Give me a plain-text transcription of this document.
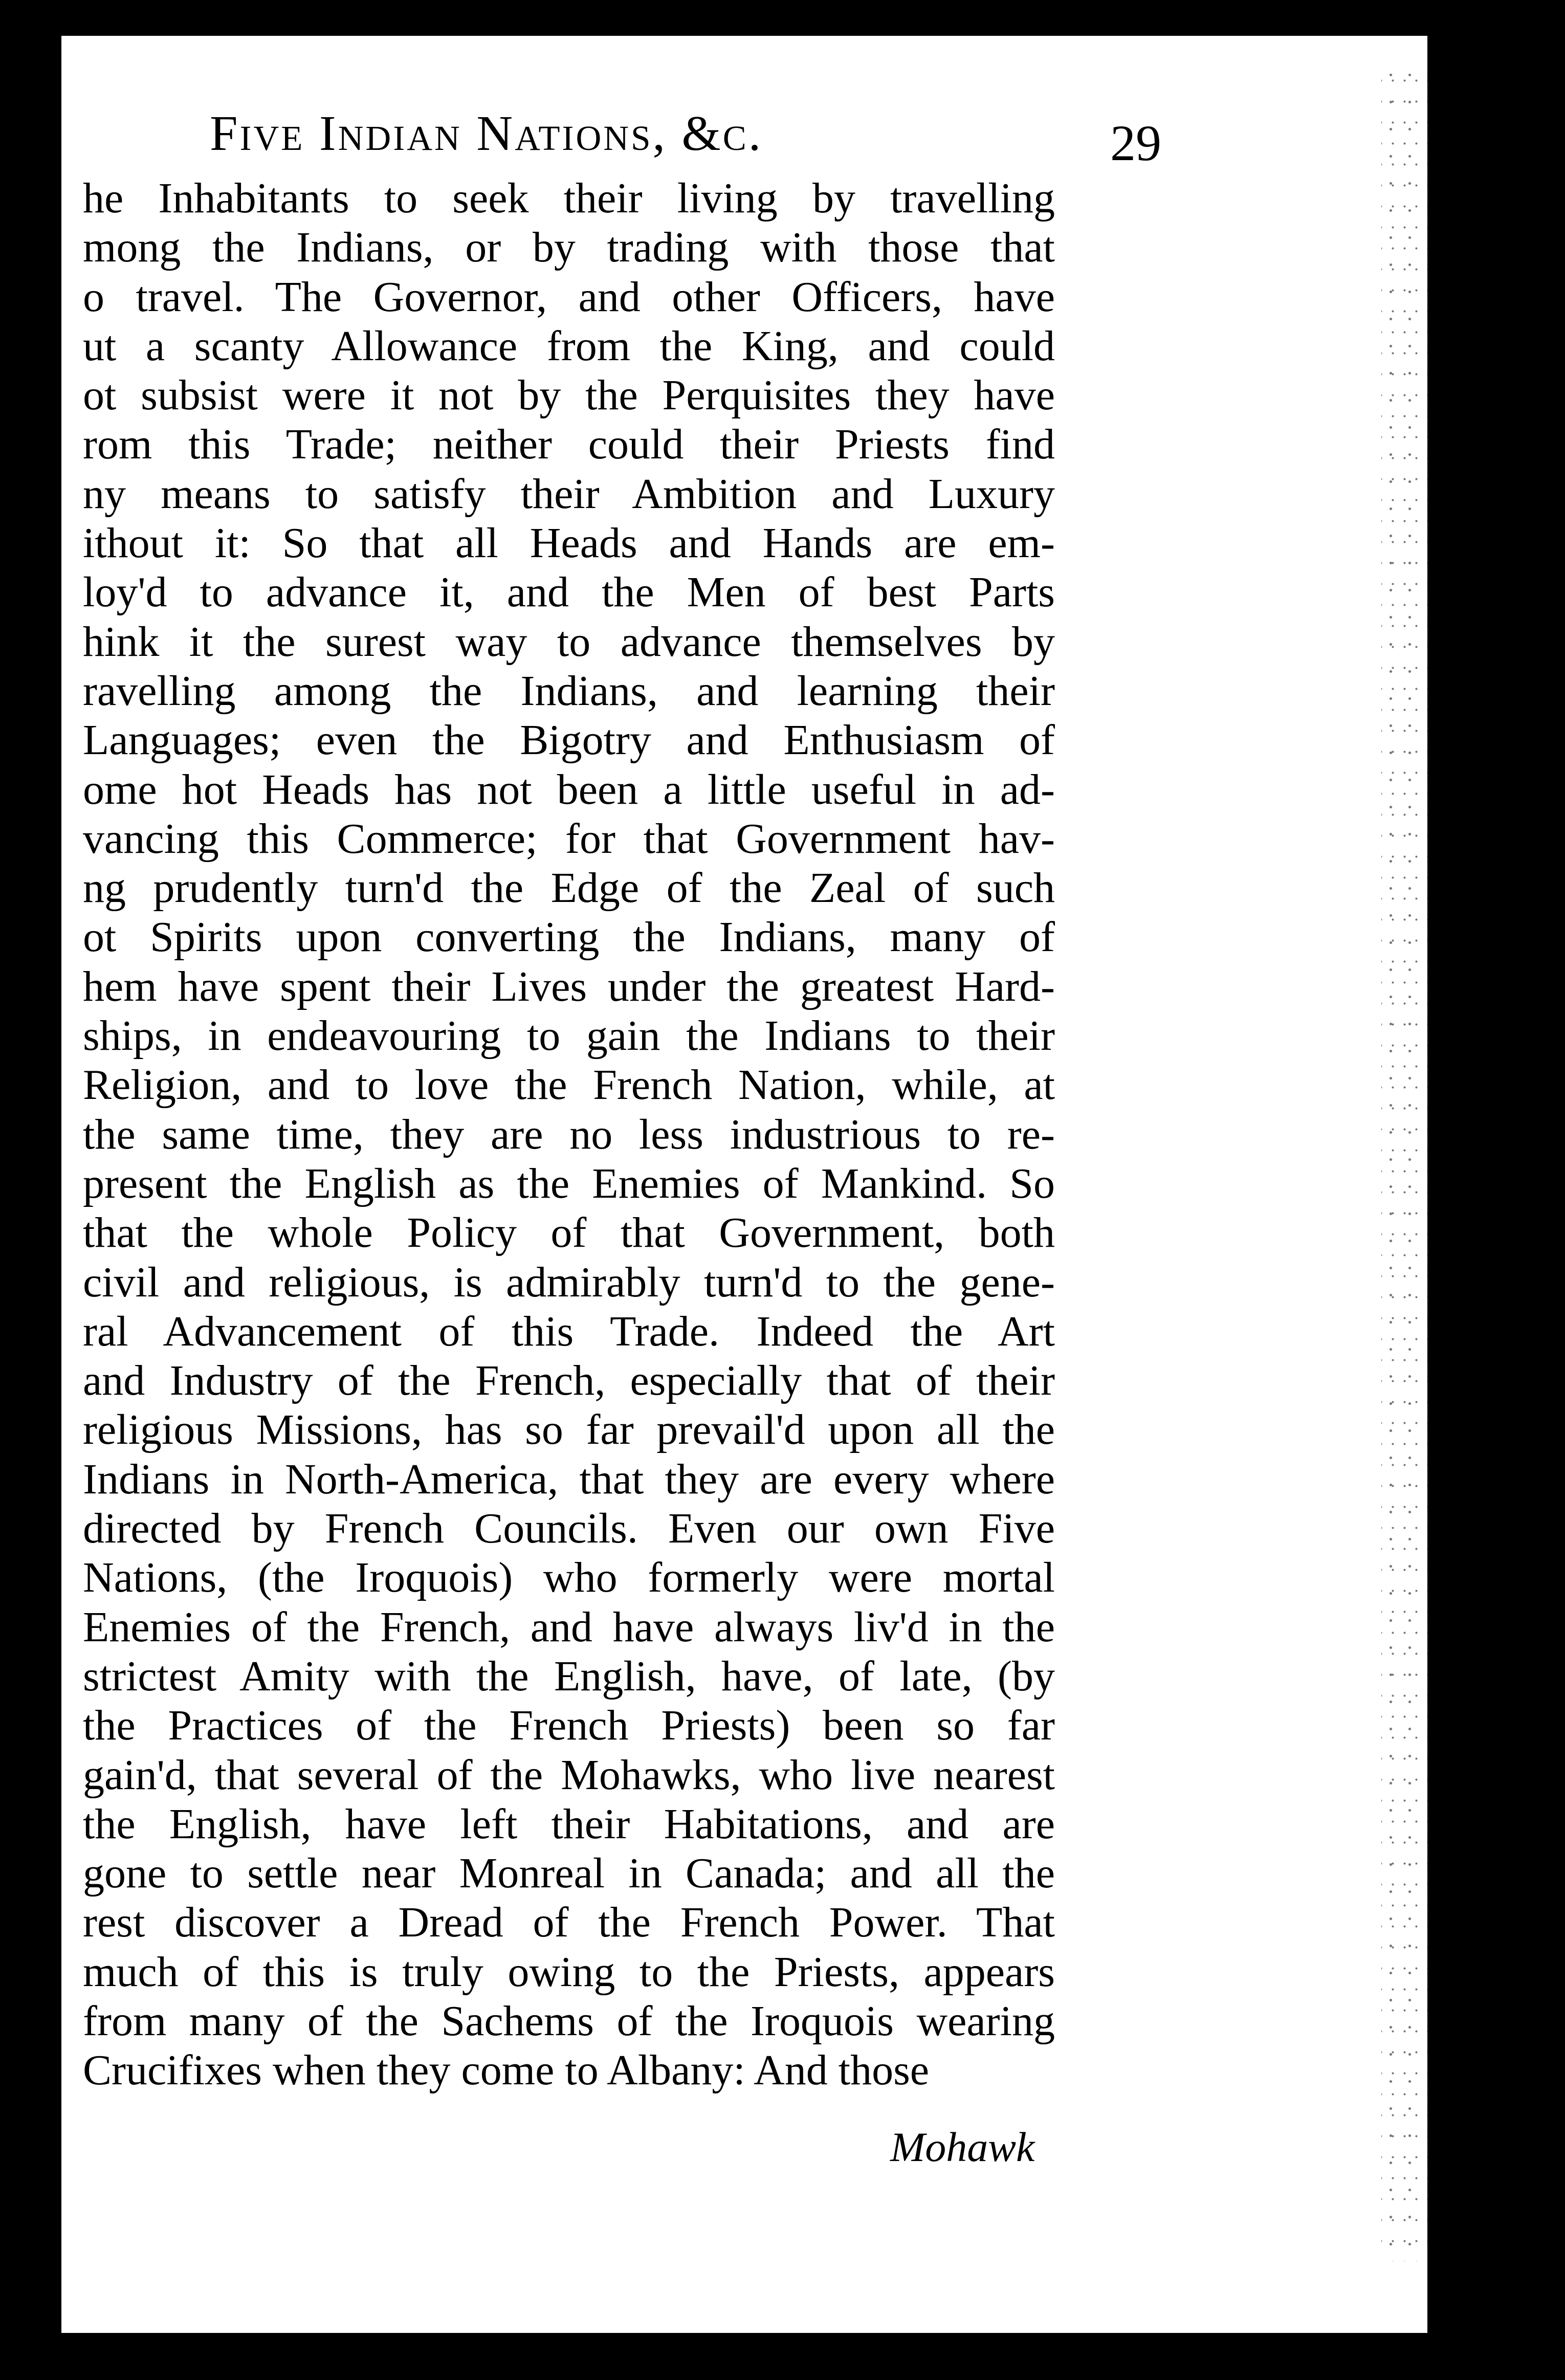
Five Indian Nations, &c.	29
he Inhabitants to seek their living by travelling
mong the Indians, or by trading with those that
o travel. The Governor, and other Officers, have
ut a scanty Allowance from the King, and could
ot subsist were it not by the Perquisites they have
rom this Trade; neither could their Priests find
ny means to satisfy their Ambition and Luxury
ithout it: So that all Heads and Hands are em-
loy'd to advance it, and the Men of best Parts
hink it the surest way to advance themselves by
ravelling among the Indians, and learning their
Languages; even the Bigotry and Enthusiasm of
ome hot Heads has not been a little useful in ad-
vancing this Commerce; for that Government hav-
ng prudently turn'd the Edge of the Zeal of such
ot Spirits upon converting the Indians, many of
hem have spent their Lives under the greatest Hard-
ships, in endeavouring to gain the Indians to their
Religion, and to love the French Nation, while, at
the same time, they are no less industrious to re-
present the English as the Enemies of Mankind. So
that the whole Policy of that Government, both
civil and religious, is admirably turn'd to the gene-
ral Advancement of this Trade. Indeed the Art
and Industry of the French, especially that of their
religious Missions, has so far prevail'd upon all the
Indians in North-America, that they are every where
directed by French Councils. Even our own Five
Nations, (the Iroquois) who formerly were mortal
Enemies of the French, and have always liv'd in the
strictest Amity with the English, have, of late, (by
the Practices of the French Priests) been so far
gain'd, that several of the Mohawks, who live nearest
the English, have left their Habitations, and are
gone to settle near Monreal in Canada; and all the
rest discover a Dread of the French Power. That
much of this is truly owing to the Priests, appears
from many of the Sachems of the Iroquois wearing
Crucifixes when they come to Albany: And those
Mohawk
